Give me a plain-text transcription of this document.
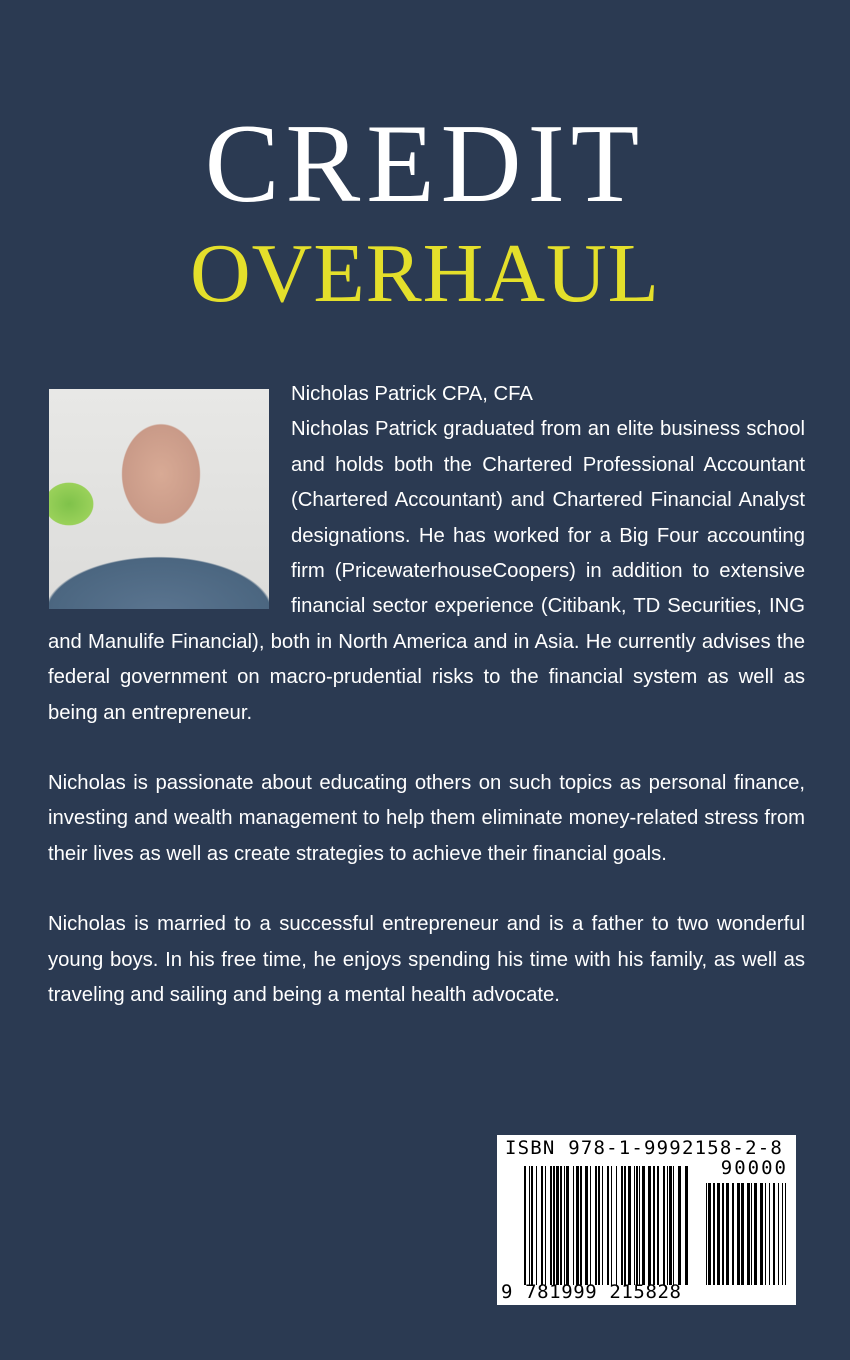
CREDIT
OVERHAUL
Nicholas Patrick CPA, CFA

Nicholas Patrick graduated from an elite business school and holds both the Chartered Professional Accountant (Chartered Accountant) and Chartered Financial Analyst designations. He has worked for a Big Four accounting firm (PricewaterhouseCoopers) in addition to extensive financial sector experience (Citibank, TD Securities, ING and Manulife Financial), both in North America and in Asia. He currently advises the federal government on macro-prudential risks to the financial system as well as being an entrepreneur.

Nicholas is passionate about educating others on such topics as personal finance, investing and wealth management to help them eliminate money-related stress from their lives as well as create strategies to achieve their financial goals.

Nicholas is married to a successful entrepreneur and is a father to two wonderful young boys. In his free time, he enjoys spending his time with his family, as well as traveling and sailing and being a mental health advocate.

ISBN 978-1-9992158-2-8
90000
9 781999 215828
